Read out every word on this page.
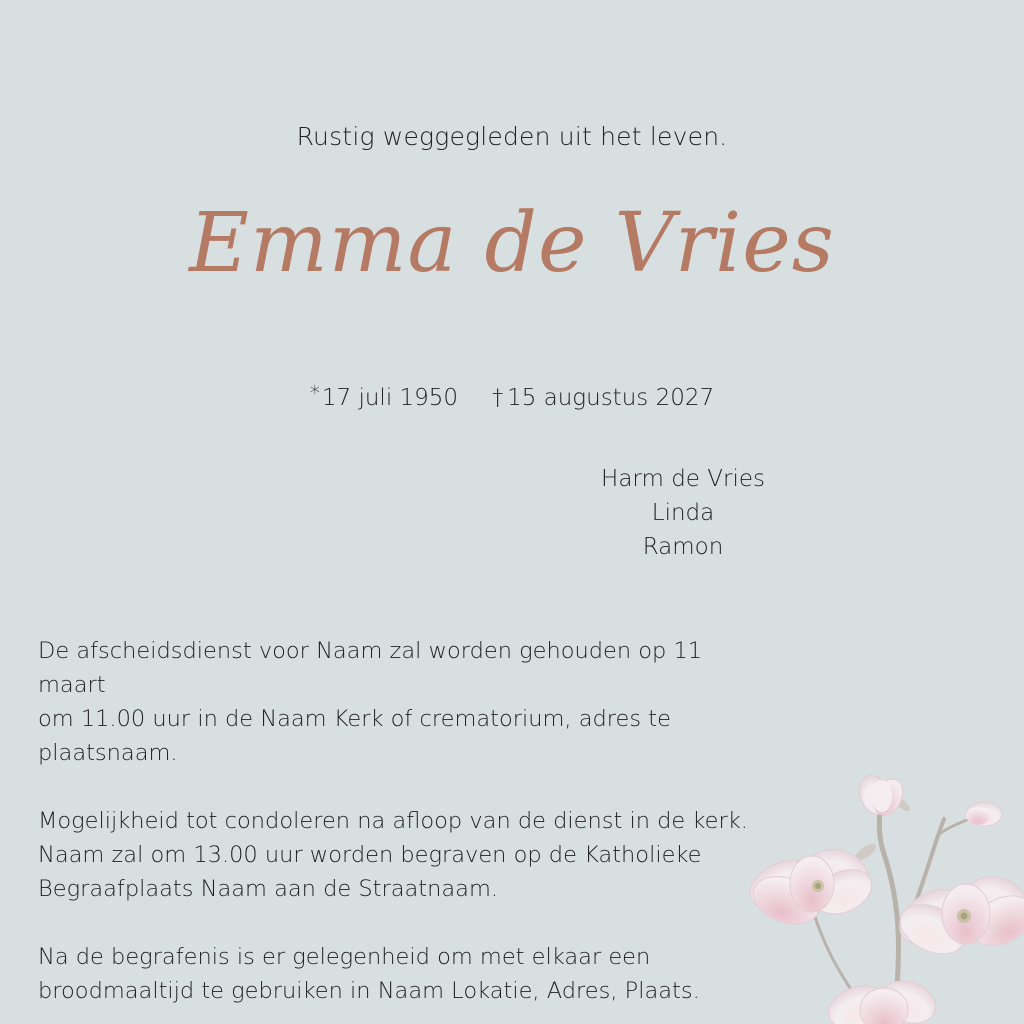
Rustig weggegleden uit het leven.
Emma de Vries
*17 juli 1950 † 15 augustus 2027
Harm de Vries
Linda
Ramon

De afscheidsdienst voor Naam zal worden gehouden op 11 maart
om 11.00 uur in de Naam Kerk of crematorium, adres te
plaatsnaam.

Mogelijkheid tot condoleren na afloop van de dienst in de kerk.
Naam zal om 13.00 uur worden begraven op de Katholieke
Begraafplaats Naam aan de Straatnaam.

Na de begrafenis is er gelegenheid om met elkaar een
broodmaaltijd te gebruiken in Naam Lokatie, Adres, Plaats.
